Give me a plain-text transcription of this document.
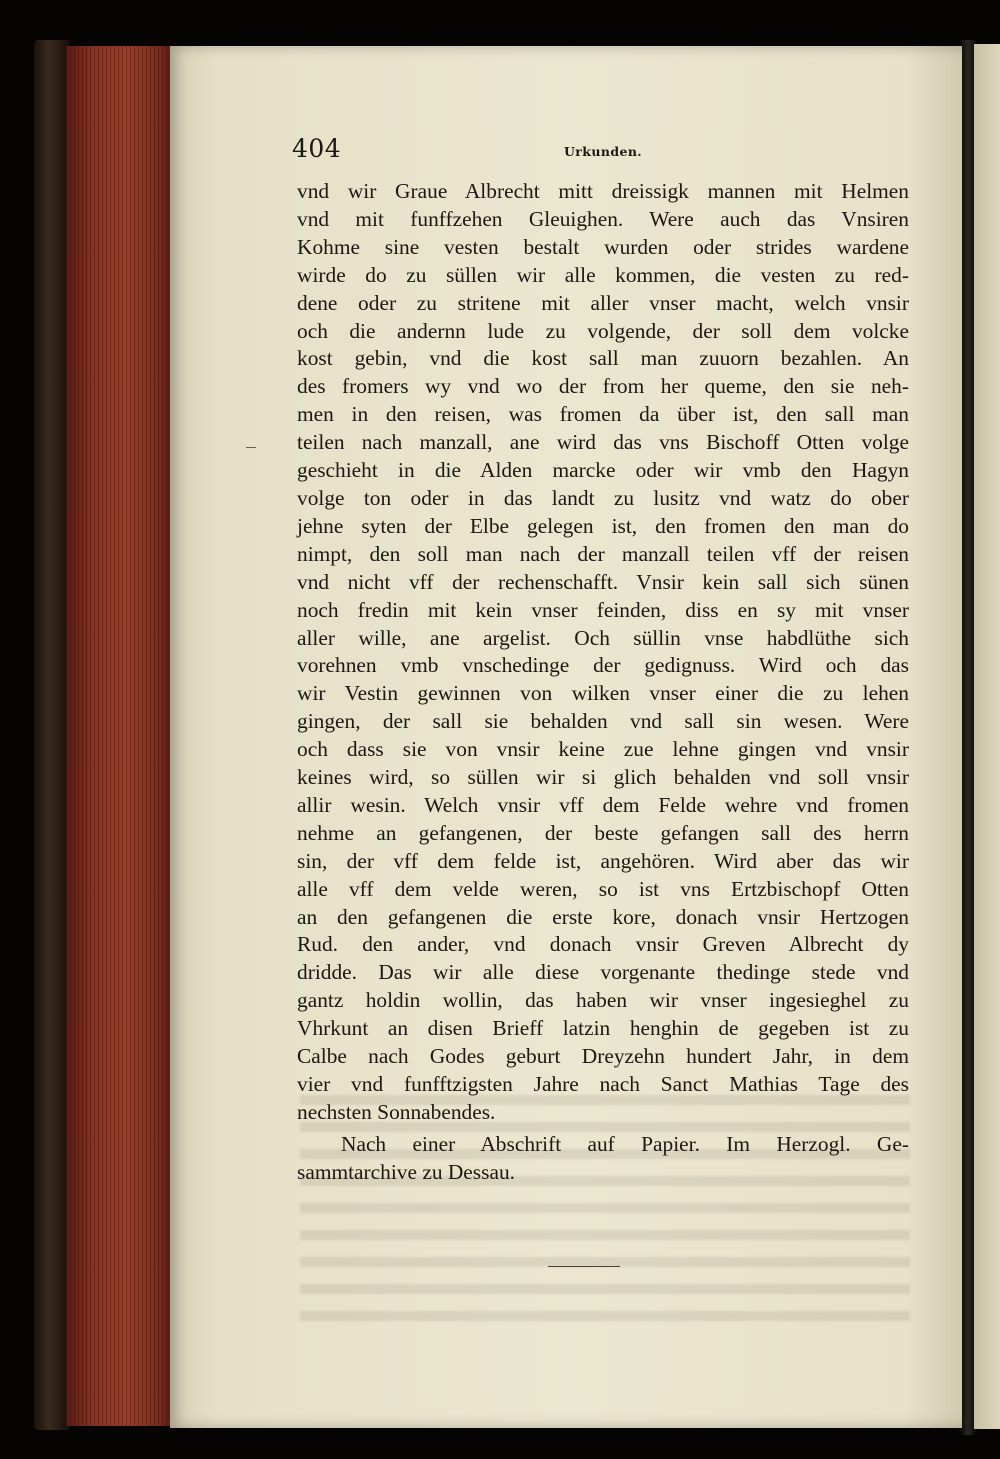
404	Urkunden.
vnd wir Graue Albrecht mitt dreissigk mannen mit Helmen
vnd mit funffzehen Gleuighen. Were auch das Vnsiren
Kohme sine vesten bestalt wurden oder strides wardene
wirde do zu süllen wir alle kommen, die vesten zu red-
dene oder zu stritene mit aller vnser macht, welch vnsir
och die andernn lude zu volgende, der soll dem volcke
kost gebin, vnd die kost sall man zuuorn bezahlen. An
des fromers wy vnd wo der from her queme, den sie neh-
men in den reisen, was fromen da über ist, den sall man
teilen nach manzall, ane wird das vns Bischoff Otten volge
geschieht in die Alden marcke oder wir vmb den Hagyn
volge ton oder in das landt zu lusitz vnd watz do ober
jehne syten der Elbe gelegen ist, den fromen den man do
nimpt, den soll man nach der manzall teilen vff der reisen
vnd nicht vff der rechenschafft. Vnsir kein sall sich sünen
noch fredin mit kein vnser feinden, diss en sy mit vnser
aller wille, ane argelist. Och süllin vnse habdlüthe sich
vorehnen vmb vnschedinge der gedignuss. Wird och das
wir Vestin gewinnen von wilken vnser einer die zu lehen
gingen, der sall sie behalden vnd sall sin wesen. Were
och dass sie von vnsir keine zue lehne gingen vnd vnsir
keines wird, so süllen wir si glich behalden vnd soll vnsir
allir wesin. Welch vnsir vff dem Felde wehre vnd fromen
nehme an gefangenen, der beste gefangen sall des herrn
sin, der vff dem felde ist, angehören. Wird aber das wir
alle vff dem velde weren, so ist vns Ertzbischopf Otten
an den gefangenen die erste kore, donach vnsir Hertzogen
Rud. den ander, vnd donach vnsir Greven Albrecht dy
dridde. Das wir alle diese vorgenante thedinge stede vnd
gantz holdin wollin, das haben wir vnser ingesieghel zu
Vhrkunt an disen Brieff latzin henghin de gegeben ist zu
Calbe nach Godes geburt Dreyzehn hundert Jahr, in dem
vier vnd funfftzigsten Jahre nach Sanct Mathias Tage des
nechsten Sonnabendes.
Nach einer Abschrift auf Papier. Im Herzogl. Ge-
sammtarchive zu Dessau.
